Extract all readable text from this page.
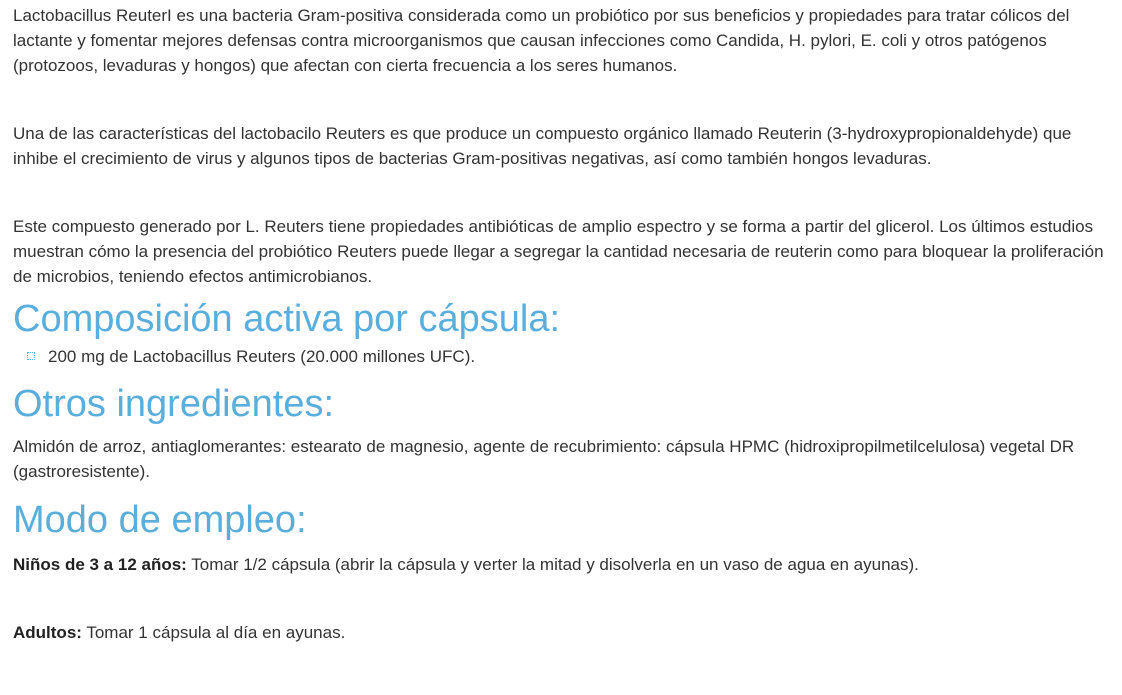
Lactobacillus ReuterI es una bacteria Gram-positiva considerada como un probiótico por sus beneficios y propiedades para tratar cólicos del lactante y fomentar mejores defensas contra microorganismos que causan infecciones como Candida, H. pylori, E. coli y otros patógenos (protozoos, levaduras y hongos) que afectan con cierta frecuencia a los seres humanos.

Una de las características del lactobacilo Reuters es que produce un compuesto orgánico llamado Reuterin (3-hydroxypropionaldehyde) que inhibe el crecimiento de virus y algunos tipos de bacterias Gram-positivas negativas, así como también hongos levaduras.

Este compuesto generado por L. Reuters tiene propiedades antibióticas de amplio espectro y se forma a partir del glicerol. Los últimos estudios muestran cómo la presencia del probiótico Reuters puede llegar a segregar la cantidad necesaria de reuterin como para bloquear la proliferación de microbios, teniendo efectos antimicrobianos.

Composición activa por cápsula:
200 mg de Lactobacillus Reuters (20.000 millones UFC).
Otros ingredientes:

Almidón de arroz, antiaglomerantes: estearato de magnesio, agente de recubrimiento: cápsula HPMC (hidroxipropilmetilcelulosa) vegetal DR (gastroresistente).

Modo de empleo:

Niños de 3 a 12 años: Tomar 1/2 cápsula (abrir la cápsula y verter la mitad y disolverla en un vaso de agua en ayunas).

Adultos: Tomar 1 cápsula al día en ayunas.
